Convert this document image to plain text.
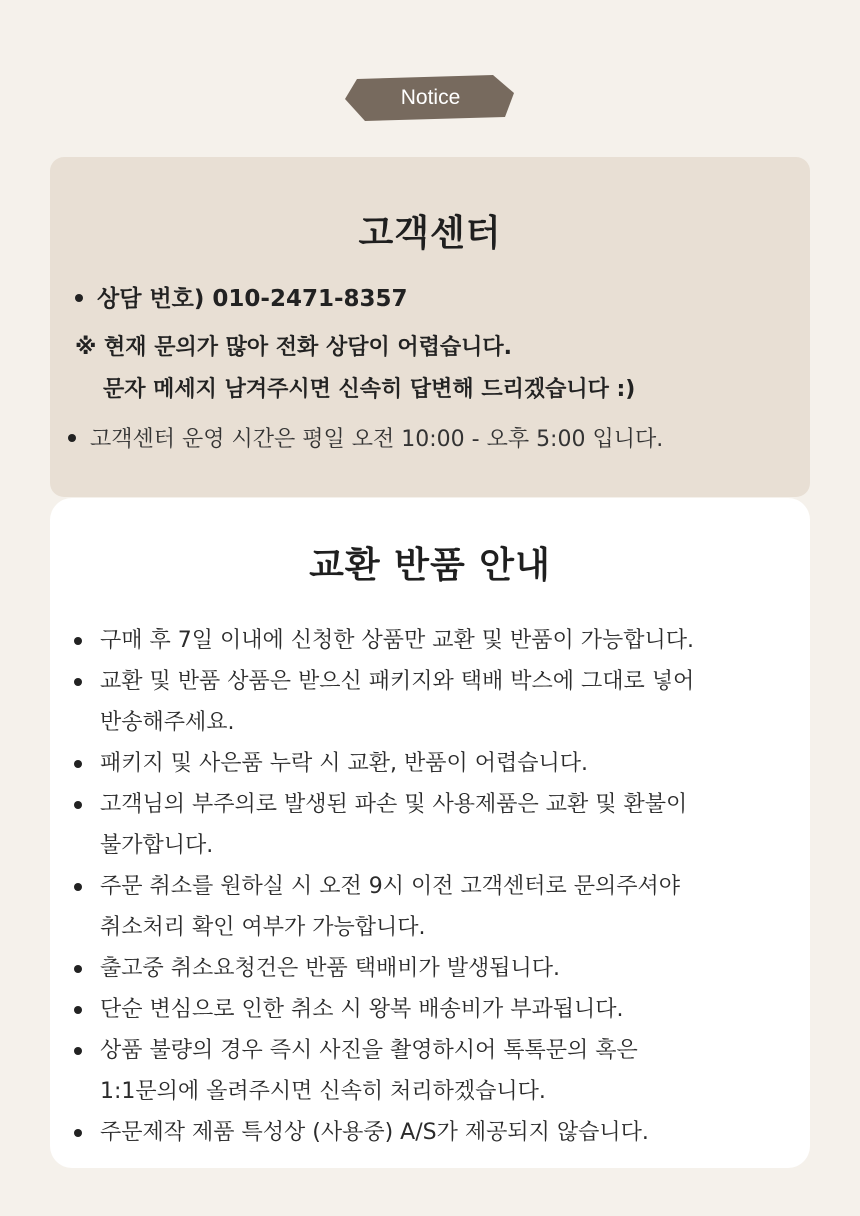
Notice
고객센터
상담 번호) 010-2471-8357
※ 현재 문의가 많아 전화 상담이 어렵습니다.
문자 메세지 남겨주시면 신속히 답변해 드리겠습니다 :)
고객센터 운영 시간은 평일 오전 10:00 - 오후 5:00 입니다.
교환 반품 안내
구매 후 7일 이내에 신청한 상품만 교환 및 반품이 가능합니다.
교환 및 반품 상품은 받으신 패키지와 택배 박스에 그대로 넣어
반송해주세요.
패키지 및 사은품 누락 시 교환, 반품이 어렵습니다.
고객님의 부주의로 발생된 파손 및 사용제품은 교환 및 환불이
불가합니다.
주문 취소를 원하실 시 오전 9시 이전 고객센터로 문의주셔야
취소처리 확인 여부가 가능합니다.
출고중 취소요청건은 반품 택배비가 발생됩니다.
단순 변심으로 인한 취소 시 왕복 배송비가 부과됩니다.
상품 불량의 경우 즉시 사진을 촬영하시어 톡톡문의 혹은
1:1문의에 올려주시면 신속히 처리하겠습니다.
주문제작 제품 특성상 (사용중) A/S가 제공되지 않습니다.
